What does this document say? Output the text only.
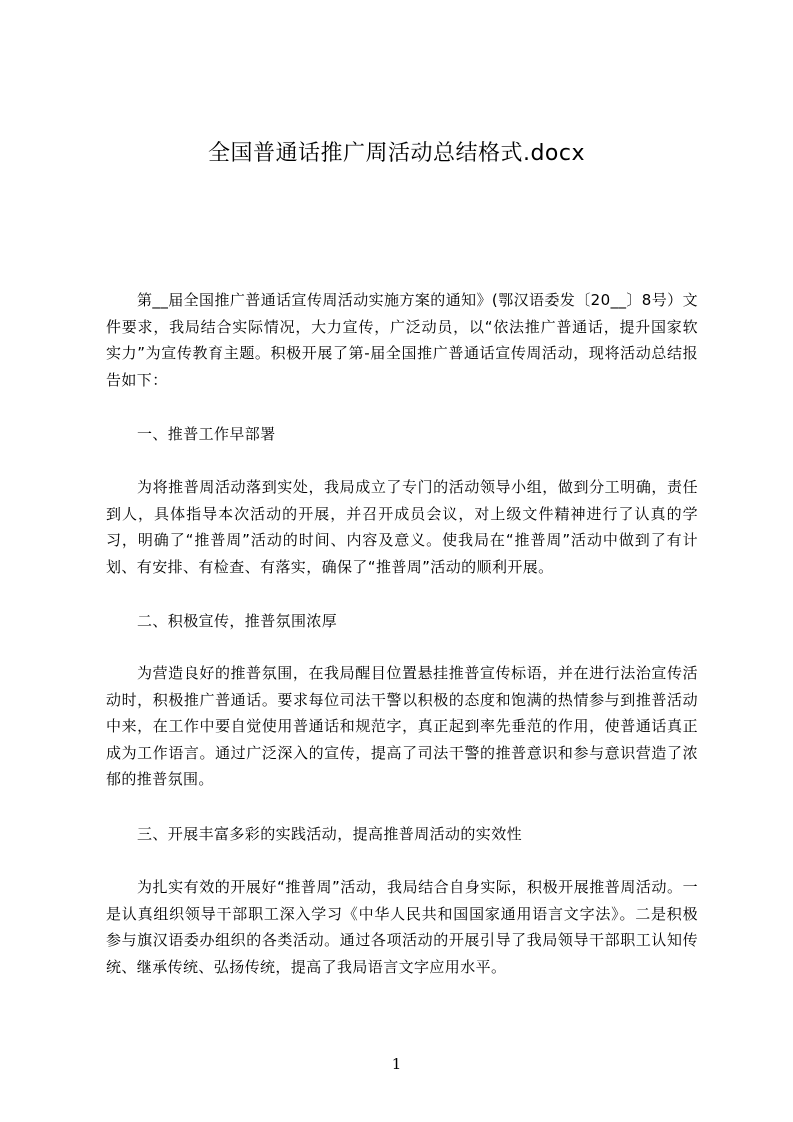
全国普通话推广周活动总结格式.docx

第__届全国推广普通话宣传周活动实施方案的通知》(鄂汉语委发〔20__〕8号）文件要求，我局结合实际情况，大力宣传，广泛动员，以“依法推广普通话，提升国家软实力”为宣传教育主题。积极开展了第-届全国推广普通话宣传周活动，现将活动总结报告如下：

一、推普工作早部署

为将推普周活动落到实处，我局成立了专门的活动领导小组，做到分工明确，责任到人，具体指导本次活动的开展，并召开成员会议，对上级文件精神进行了认真的学习，明确了“推普周”活动的时间、内容及意义。使我局在“推普周”活动中做到了有计划、有安排、有检查、有落实，确保了“推普周”活动的顺利开展。

二、积极宣传，推普氛围浓厚

为营造良好的推普氛围，在我局醒目位置悬挂推普宣传标语，并在进行法治宣传活动时，积极推广普通话。要求每位司法干警以积极的态度和饱满的热情参与到推普活动中来，在工作中要自觉使用普通话和规范字，真正起到率先垂范的作用，使普通话真正成为工作语言。通过广泛深入的宣传，提高了司法干警的推普意识和参与意识营造了浓郁的推普氛围。

三、开展丰富多彩的实践活动，提高推普周活动的实效性

为扎实有效的开展好“推普周”活动，我局结合自身实际，积极开展推普周活动。一是认真组织领导干部职工深入学习《中华人民共和国国家通用语言文字法》。二是积极参与旗汉语委办组织的各类活动。通过各项活动的开展引导了我局领导干部职工认知传统、继承传统、弘扬传统，提高了我局语言文字应用水平。

1
